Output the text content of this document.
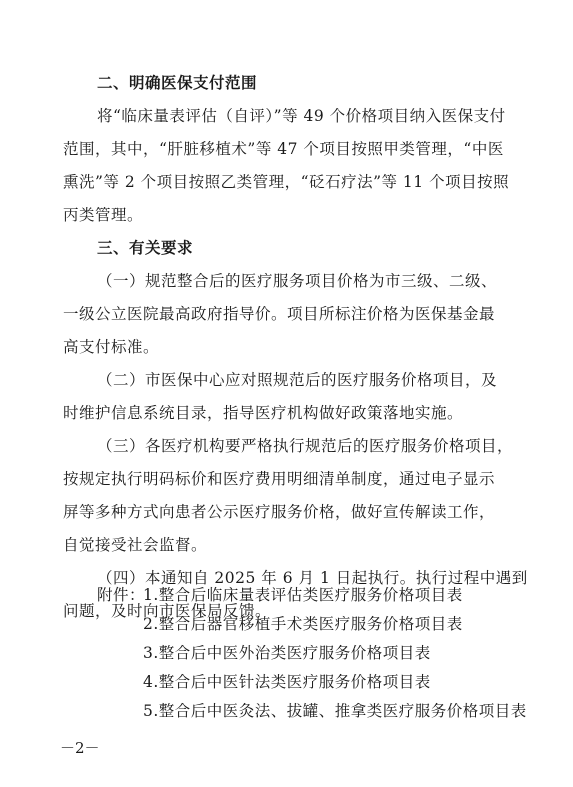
二、明确医保支付范围
将“临床量表评估（自评）”等 49 个价格项目纳入医保支付
范围，其中，“肝脏移植术”等 47 个项目按照甲类管理，“中医
熏洗”等 2 个项目按照乙类管理，“砭石疗法”等 11 个项目按照
丙类管理。
三、有关要求
（一）规范整合后的医疗服务项目价格为市三级、二级、
一级公立医院最高政府指导价。项目所标注价格为医保基金最
高支付标准。
（二）市医保中心应对照规范后的医疗服务价格项目，及
时维护信息系统目录，指导医疗机构做好政策落地实施。
（三）各医疗机构要严格执行规范后的医疗服务价格项目，
按规定执行明码标价和医疗费用明细清单制度，通过电子显示
屏等多种方式向患者公示医疗服务价格，做好宣传解读工作，
自觉接受社会监督。
（四）本通知自 2025 年 6 月 1 日起执行。执行过程中遇到
问题，及时向市医保局反馈。
附件：
1.整合后临床量表评估类医疗服务价格项目表
2.整合后器官移植手术类医疗服务价格项目表
3.整合后中医外治类医疗服务价格项目表
4.整合后中医针法类医疗服务价格项目表
5.整合后中医灸法、拔罐、推拿类医疗服务价格项目表
－2－
